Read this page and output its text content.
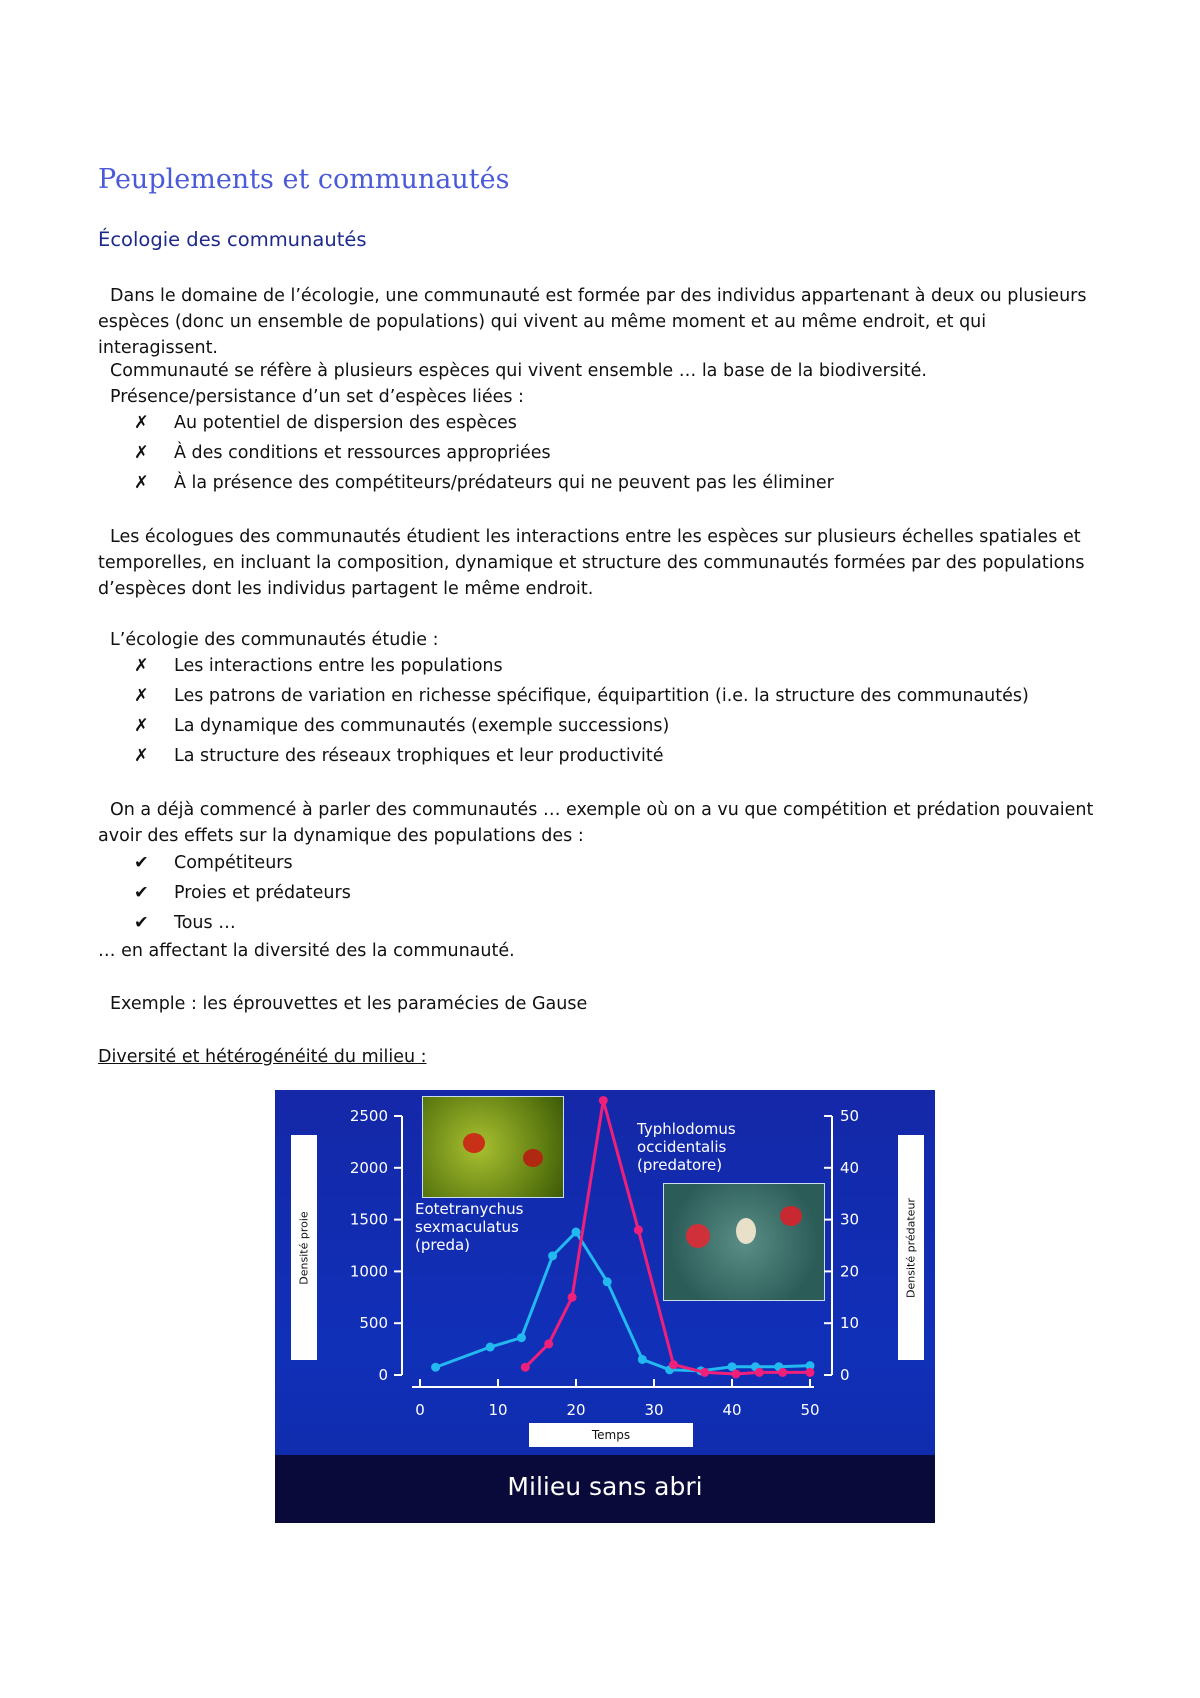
Peuplements et communautés
Écologie des communautés

Dans le domaine de l’écologie, une communauté est formée par des individus appartenant à deux ou plusieurs espèces (donc un ensemble de populations) qui vivent au même moment et au même endroit, et qui interagissent.

Communauté se réfère à plusieurs espèces qui vivent ensemble … la base de la biodiversité.
Présence/persistance d’un set d’espèces liées :
✗ Au potentiel de dispersion des espèces
✗ À des conditions et ressources appropriées
✗ À la présence des compétiteurs/prédateurs qui ne peuvent pas les éliminer

Les écologues des communautés étudient les interactions entre les espèces sur plusieurs échelles spatiales et temporelles, en incluant la composition, dynamique et structure des communautés formées par des populations d’espèces dont les individus partagent le même endroit.

L’écologie des communautés étudie :
✗ Les interactions entre les populations
✗ Les patrons de variation en richesse spécifique, équipartition (i.e. la structure des communautés)
✗ La dynamique des communautés (exemple successions)
✗ La structure des réseaux trophiques et leur productivité

On a déjà commencé à parler des communautés … exemple où on a vu que compétition et prédation pouvaient avoir des effets sur la dynamique des populations des :

✔ Compétiteurs
✔ Proies et prédateurs
✔ Tous …
… en affectant la diversité des la communauté.
Exemple : les éprouvettes et les paramécies de Gause
Diversité et hétérogénéité du milieu :
Densité proie	Densité prédateur
Eotetranychus
sexmaculatus
(preda)
Typhlodomus
occidentalis
(predatore)
0
500
1000
1500
2000
2500
0
10
20
30
40
50
0	10	20	30	40	50
Temps
Milieu sans abri
